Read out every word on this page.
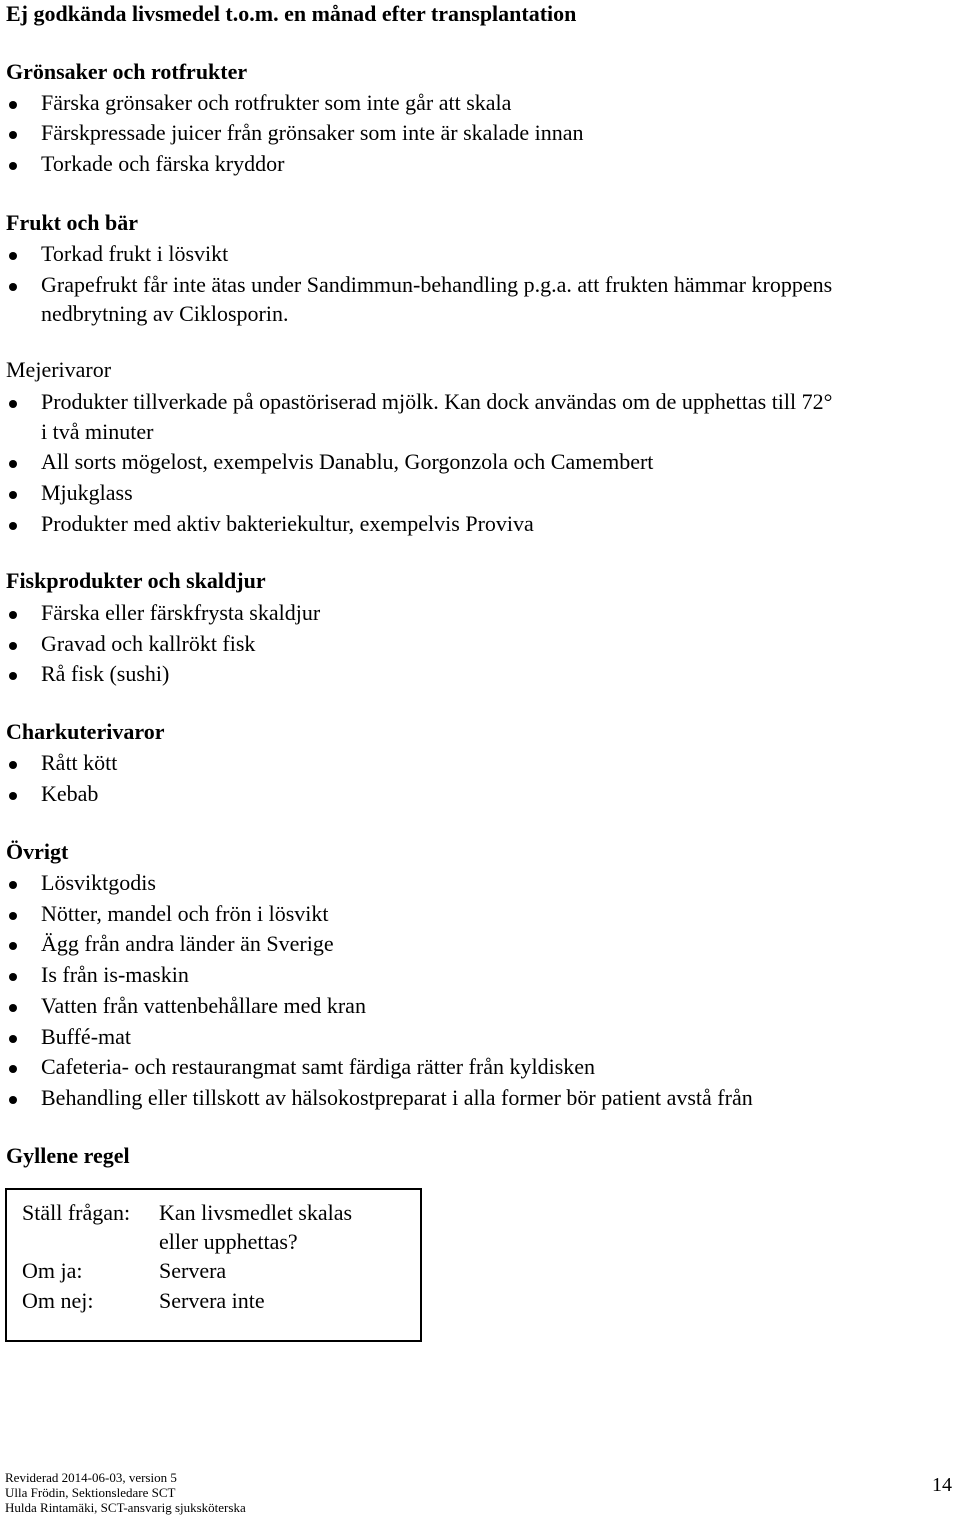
Ej godkända livsmedel t.o.m. en månad efter transplantation
Grönsaker och rotfrukter
Färska grönsaker och rotfrukter som inte går att skala
Färskpressade juicer från grönsaker som inte är skalade innan
Torkade och färska kryddor
Frukt och bär
Torkad frukt i lösvikt
Grapefrukt får inte ätas under Sandimmun-behandling p.g.a. att frukten hämmar kroppens
nedbrytning av Ciklosporin.
Mejerivaror
Produkter tillverkade på opastöriserad mjölk. Kan dock användas om de upphettas till 72°
i två minuter
All sorts mögelost, exempelvis Danablu, Gorgonzola och Camembert
Mjukglass
Produkter med aktiv bakteriekultur, exempelvis Proviva
Fiskprodukter och skaldjur
Färska eller färskfrysta skaldjur
Gravad och kallrökt fisk
Rå fisk (sushi)
Charkuterivaror
Rått kött
Kebab
Övrigt
Lösviktgodis
Nötter, mandel och frön i lösvikt
Ägg från andra länder än Sverige
Is från is-maskin
Vatten från vattenbehållare med kran
Buffé-mat
Cafeteria- och restaurangmat samt färdiga rätter från kyldisken
Behandling eller tillskott av hälsokostpreparat i alla former bör patient avstå från
Gyllene regel
Ställ frågan: Kan livsmedlet skalas
eller upphettas?
Om ja:	Servera
Om nej:	Servera inte
Reviderad 2014-06-03, version 5
Ulla Frödin, Sektionsledare SCT
Hulda Rintamäki, SCT-ansvarig sjuksköterska
14
